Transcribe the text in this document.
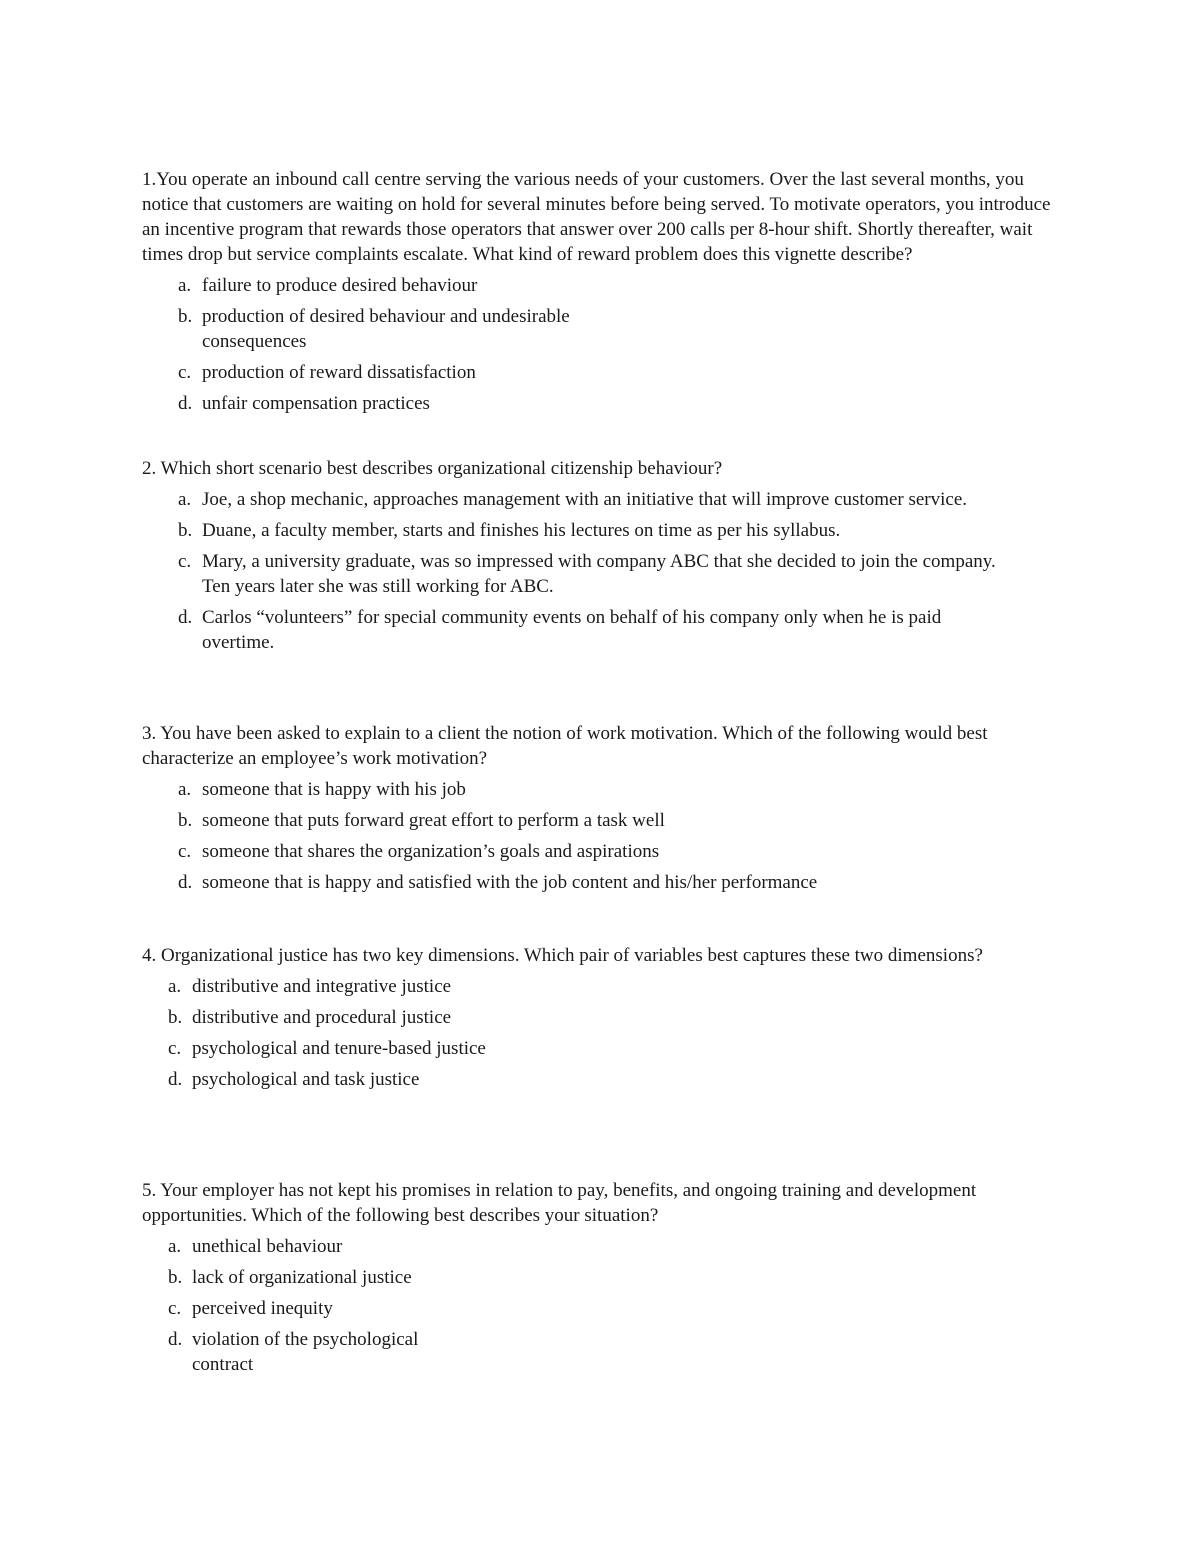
1.You operate an inbound call centre serving the various needs of your customers. Over the last several months, you notice that customers are waiting on hold for several minutes before being served. To motivate operators, you introduce an incentive program that rewards those operators that answer over 200 calls per 8-hour shift. Shortly thereafter, wait times drop but service complaints escalate. What kind of reward problem does this vignette describe?

a. failure to produce desired behaviour
b. production of desired behaviour and undesirable consequences
c. production of reward dissatisfaction
d. unfair compensation practices

2. Which short scenario best describes organizational citizenship behaviour?

a. Joe, a shop mechanic, approaches management with an initiative that will improve customer service.
b. Duane, a faculty member, starts and finishes his lectures on time as per his syllabus.
c. Mary, a university graduate, was so impressed with company ABC that she decided to join the company. Ten years later she was still working for ABC.
d. Carlos “volunteers” for special community events on behalf of his company only when he is paid overtime.

3. You have been asked to explain to a client the notion of work motivation. Which of the following would best characterize an employee’s work motivation?

a. someone that is happy with his job
b. someone that puts forward great effort to perform a task well
c. someone that shares the organization’s goals and aspirations
d. someone that is happy and satisfied with the job content and his/her performance

4. Organizational justice has two key dimensions. Which pair of variables best captures these two dimensions?

a. distributive and integrative justice
b. distributive and procedural justice
c. psychological and tenure-based justice
d. psychological and task justice

5. Your employer has not kept his promises in relation to pay, benefits, and ongoing training and development opportunities. Which of the following best describes your situation?

a. unethical behaviour
b. lack of organizational justice
c. perceived inequity
d. violation of the psychological contract
